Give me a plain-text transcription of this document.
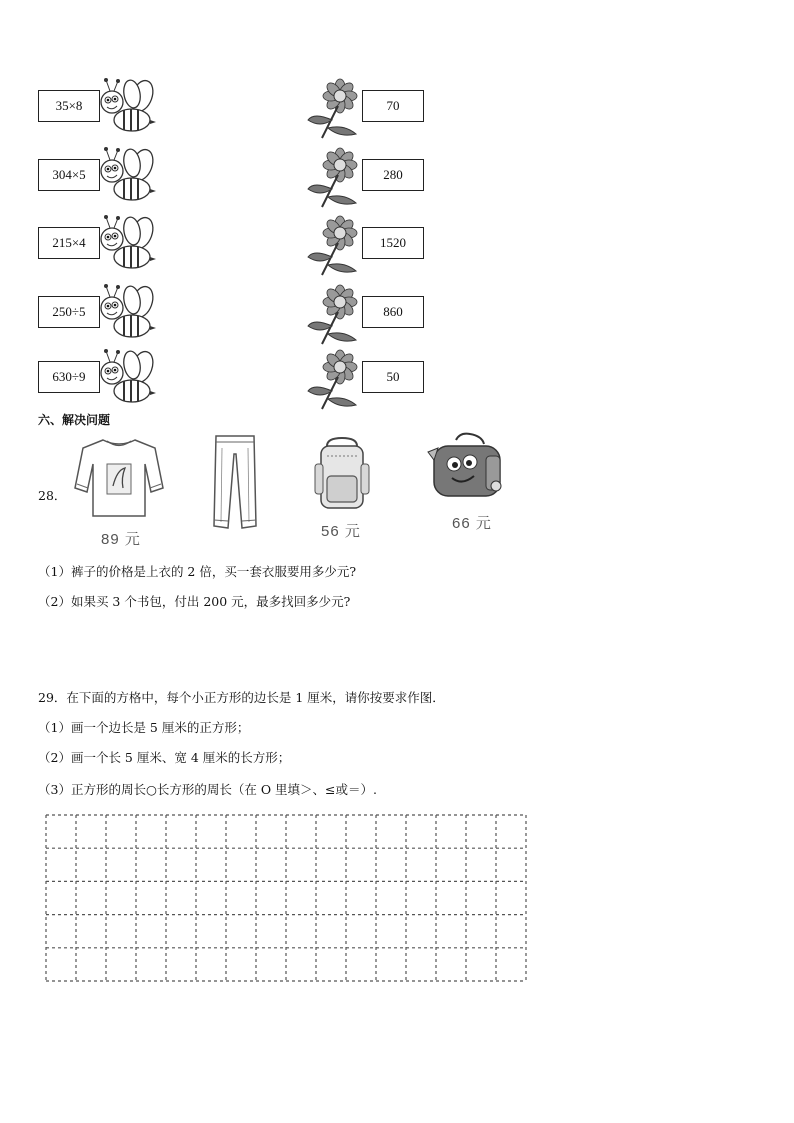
35×8	70
304×5	280
215×4	1520
250÷5	860
630÷9	50
六、解决问题
28．
89 元	56 元	66 元
（1）裤子的价格是上衣的 2 倍，买一套衣服要用多少元?
（2）如果买 3 个书包，付出 200 元，最多找回多少元?
29．在下面的方格中，每个小正方形的边长是 1 厘米，请你按要求作图．
（1）画一个边长是 5 厘米的正方形；
（2）画一个长 5 厘米、宽 4 厘米的长方形；
（3）正方形的周长○长方形的周长（在 O 里填＞、≤或＝）.
